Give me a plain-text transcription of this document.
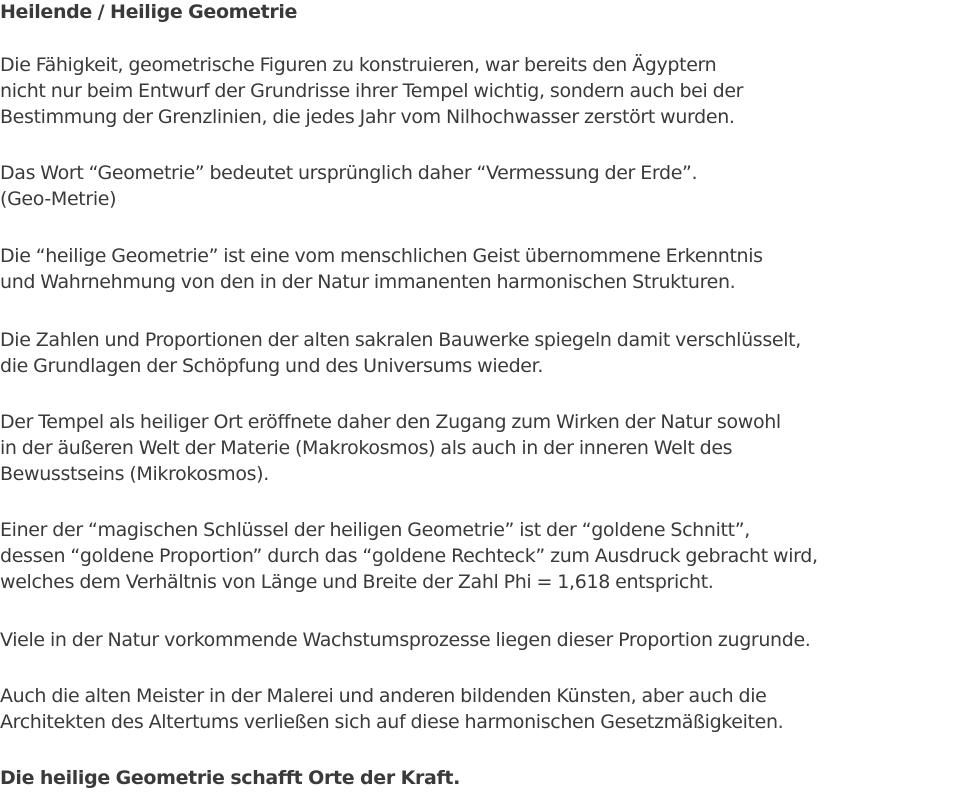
Heilende / Heilige Geometrie

Die Fähigkeit, geometrische Figuren zu konstruieren, war bereits den Ägyptern
nicht nur beim Entwurf der Grundrisse ihrer Tempel wichtig, sondern auch bei der
Bestimmung der Grenzlinien, die jedes Jahr vom Nilhochwasser zerstört wurden.

Das Wort “Geometrie” bedeutet ursprünglich daher “Vermessung der Erde”.
(Geo-Metrie)

Die “heilige Geometrie” ist eine vom menschlichen Geist übernommene Erkenntnis
und Wahrnehmung von den in der Natur immanenten harmonischen Strukturen.

Die Zahlen und Proportionen der alten sakralen Bauwerke spiegeln damit verschlüsselt,
die Grundlagen der Schöpfung und des Universums wieder.

Der Tempel als heiliger Ort eröffnete daher den Zugang zum Wirken der Natur sowohl
in der äußeren Welt der Materie (Makrokosmos) als auch in der inneren Welt des
Bewusstseins (Mikrokosmos).

Einer der “magischen Schlüssel der heiligen Geometrie” ist der “goldene Schnitt”,
dessen “goldene Proportion” durch das “goldene Rechteck” zum Ausdruck gebracht wird,
welches dem Verhältnis von Länge und Breite der Zahl Phi = 1,618 entspricht.

Viele in der Natur vorkommende Wachstumsprozesse liegen dieser Proportion zugrunde.

Auch die alten Meister in der Malerei und anderen bildenden Künsten, aber auch die
Architekten des Altertums verließen sich auf diese harmonischen Gesetzmäßigkeiten.

Die heilige Geometrie schafft Orte der Kraft.
